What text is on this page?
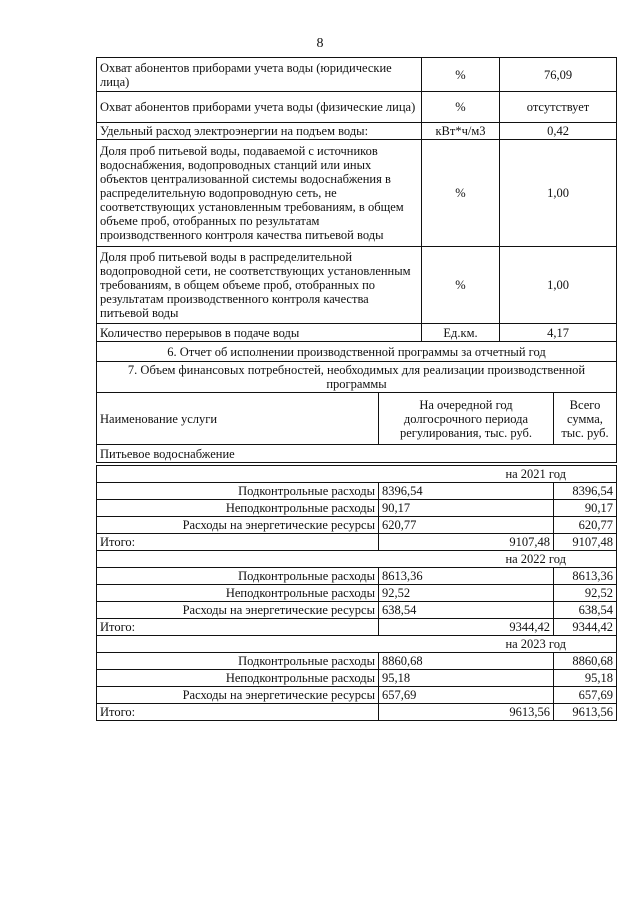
8
Охват абонентов приборами учета воды (юридические лица)	%	76,09
Охват абонентов приборами учета воды (физические лица)	%	отсутствует
Удельный расход электроэнергии на подъем воды:	кВт*ч/м3	0,42
Доля проб питьевой воды, подаваемой с источников водоснабжения, водопроводных станций или иных объектов централизованной системы водоснабжения в распределительную водопроводную сеть, не соответствующих установленным требованиям, в общем объеме проб, отобранных по результатам производственного контроля качества питьевой воды	%	1,00
Доля проб питьевой воды в распределительной водопроводной сети, не соответствующих установленным требованиям, в общем объеме проб, отобранных по результатам производственного контроля качества питьевой воды	%	1,00
Количество перерывов в подаче воды	Ед.км.	4,17
6. Отчет об исполнении производственной программы за отчетный год		
7. Объем финансовых потребностей, необходимых для реализации производственной программы		
Наименование услуги	На очередной год долгосрочного периода регулирования, тыс. руб.	Всего сумма, тыс. руб.
Питьевое водоснабжение		

на 2021 год		
Подконтрольные расходы	8396,54	8396,54
Неподконтрольные расходы	90,17	90,17
Расходы на энергетические ресурсы	620,77	620,77
Итого:	9107,48	9107,48
на 2022 год		
Подконтрольные расходы	8613,36	8613,36
Неподконтрольные расходы	92,52	92,52
Расходы на энергетические ресурсы	638,54	638,54
Итого:	9344,42	9344,42
на 2023 год		
Подконтрольные расходы	8860,68	8860,68
Неподконтрольные расходы	95,18	95,18
Расходы на энергетические ресурсы	657,69	657,69
Итого:	9613,56	9613,56
